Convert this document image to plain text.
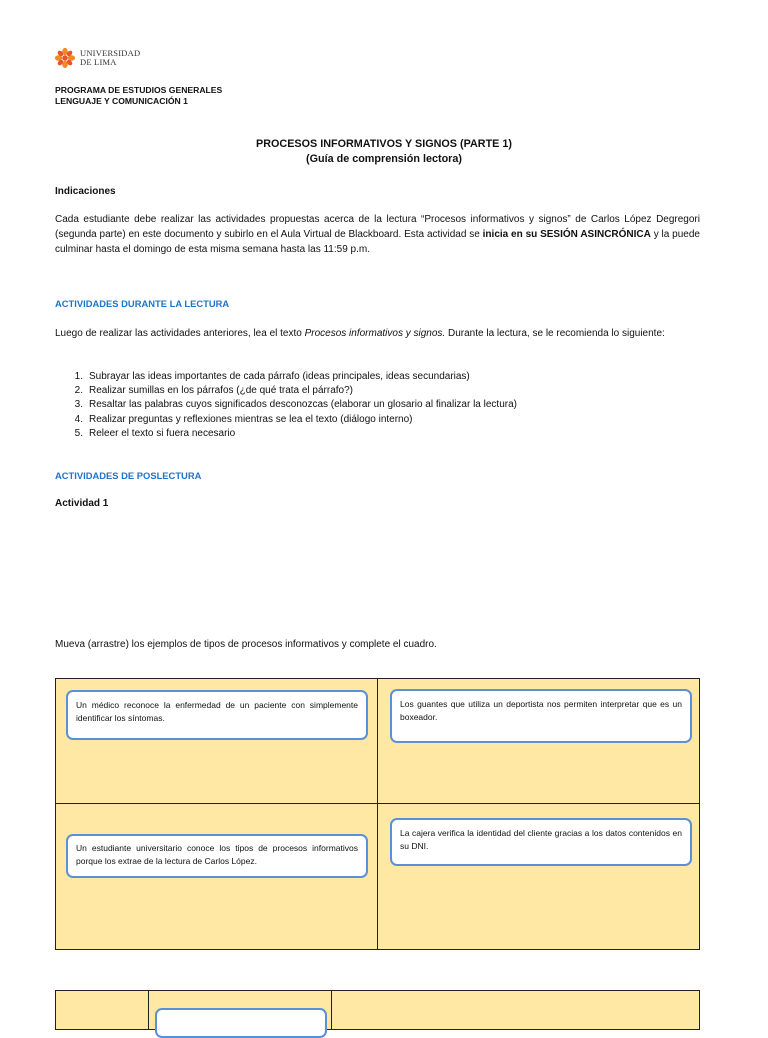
UNIVERSIDAD
DE LIMA
PROGRAMA DE ESTUDIOS GENERALES
LENGUAJE Y COMUNICACIÓN 1
PROCESOS INFORMATIVOS Y SIGNOS (PARTE 1)
(Guía de comprensión lectora)
Indicaciones
Cada estudiante debe realizar las actividades propuestas acerca de la lectura “Procesos informativos y signos” de Carlos López Degregori (segunda parte) en este documento y subirlo en el Aula Virtual de Blackboard. Esta actividad se inicia en su SESIÓN ASINCRÓNICA y la puede culminar hasta el domingo de esta misma semana hasta las 11:59 p.m.
ACTIVIDADES DURANTE LA LECTURA
Luego de realizar las actividades anteriores, lea el texto Procesos informativos y signos. Durante la lectura, se le recomienda lo siguiente:
1. Subrayar las ideas importantes de cada párrafo (ideas principales, ideas secundarias)
2. Realizar sumillas en los párrafos (¿de qué trata el párrafo?)
3. Resaltar las palabras cuyos significados desconozcas (elaborar un glosario al finalizar la lectura)
4. Realizar preguntas y reflexiones mientras se lea el texto (diálogo interno)
5. Releer el texto si fuera necesario
ACTIVIDADES DE POSLECTURA
Actividad 1
Mueva (arrastre) los ejemplos de tipos de procesos informativos y complete el cuadro.
Un médico reconoce la enfermedad de un paciente con simplemente identificar los síntomas.
Los guantes que utiliza un deportista nos permiten interpretar que es un boxeador.
Un estudiante universitario conoce los tipos de procesos informativos porque los extrae de la lectura de Carlos López.
La cajera verifica la identidad del cliente gracias a los datos contenidos en su DNI.
